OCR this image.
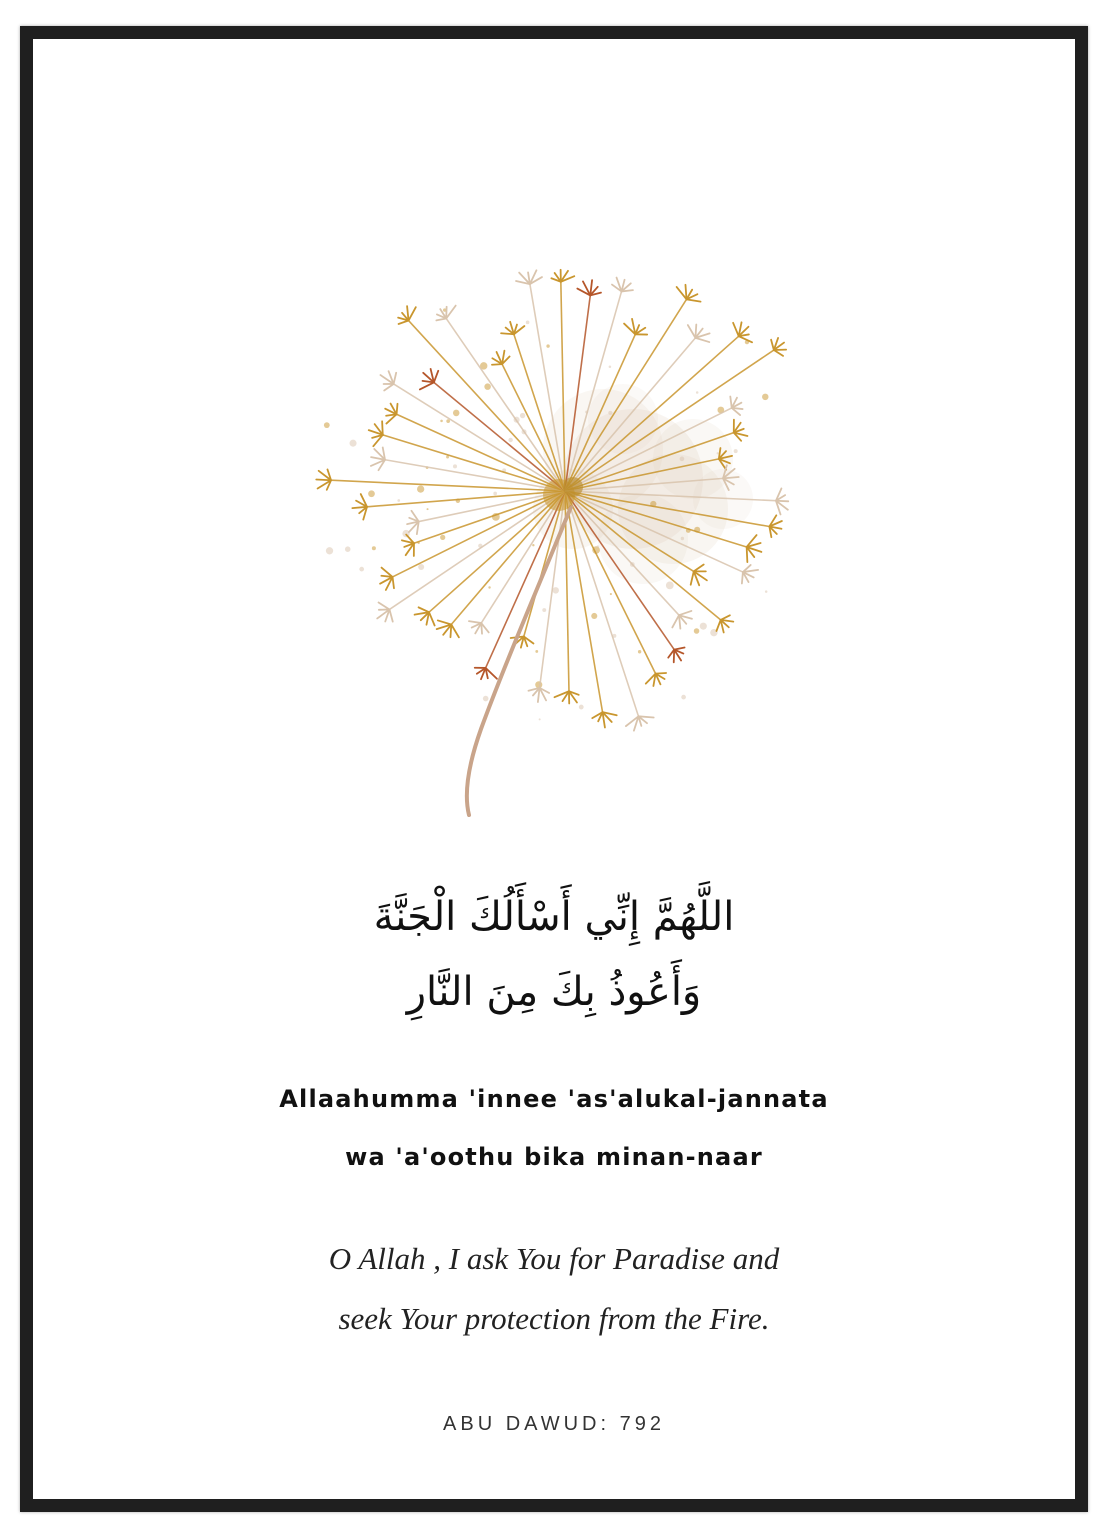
اللَّهُمَّ إِنِّي أَسْأَلُكَ الْجَنَّةَ
وَأَعُوذُ بِكَ مِنَ النَّارِ
Allaahumma 'innee 'as'alukal-jannata
wa 'a'oothu bika minan-naar
O Allah , I ask You for Paradise and
seek Your protection from the Fire.
ABU DAWUD: 792
